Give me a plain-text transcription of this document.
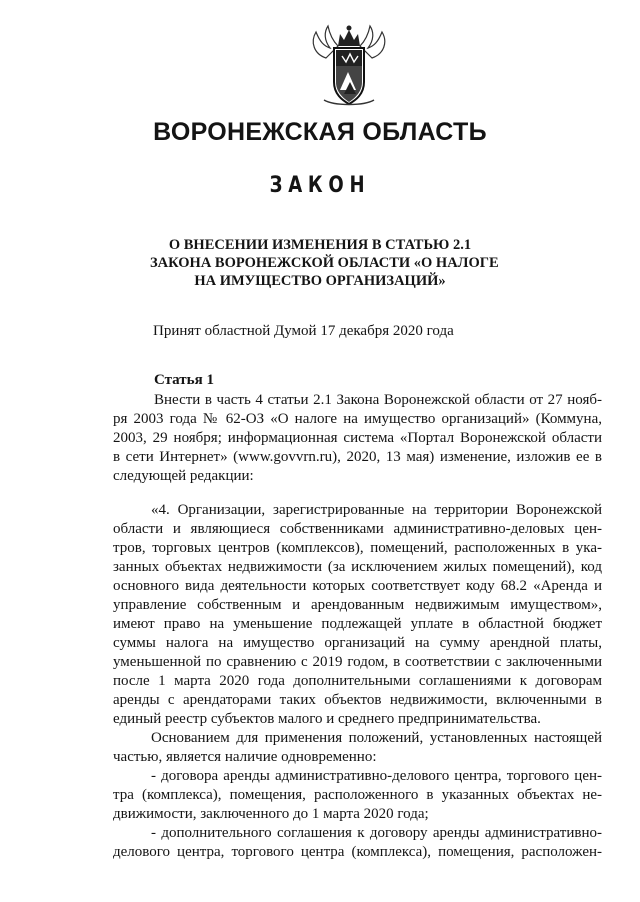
ВОРОНЕЖСКАЯ ОБЛАСТЬ
ЗАКОН
О ВНЕСЕНИИ ИЗМЕНЕНИЯ В СТАТЬЮ 2.1
ЗАКОНА ВОРОНЕЖСКОЙ ОБЛАСТИ «О НАЛОГЕ
НА ИМУЩЕСТВО ОРГАНИЗАЦИЙ»
Принят областной Думой 17 декабря 2020 года
Статья 1
Внести в часть 4 статьи 2.1 Закона Воронежской области от 27 нояб-
ря 2003 года № 62-ОЗ «О налоге на имущество организаций» (Коммуна,
2003, 29 ноября; информационная система «Портал Воронежской области
в сети Интернет» (www.govvrn.ru), 2020, 13 мая) изменение, изложив ее в
следующей редакции:
«4. Организации, зарегистрированные на территории Воронежской
области и являющиеся собственниками административно-деловых цен-
тров, торговых центров (комплексов), помещений, расположенных в ука-
занных объектах недвижимости (за исключением жилых помещений), код
основного вида деятельности которых соответствует коду 68.2 «Аренда и
управление собственным и арендованным недвижимым имуществом»,
имеют право на уменьшение подлежащей уплате в областной бюджет
суммы налога на имущество организаций на сумму арендной платы,
уменьшенной по сравнению с 2019 годом, в соответствии с заключенными
после 1 марта 2020 года дополнительными соглашениями к договорам
аренды с арендаторами таких объектов недвижимости, включенными в
единый реестр субъектов малого и среднего предпринимательства.
Основанием для применения положений, установленных настоящей
частью, является наличие одновременно:
- договора аренды административно-делового центра, торгового цен-
тра (комплекса), помещения, расположенного в указанных объектах не-
движимости, заключенного до 1 марта 2020 года;
- дополнительного соглашения к договору аренды административно-
делового центра, торгового центра (комплекса), помещения, расположен-
